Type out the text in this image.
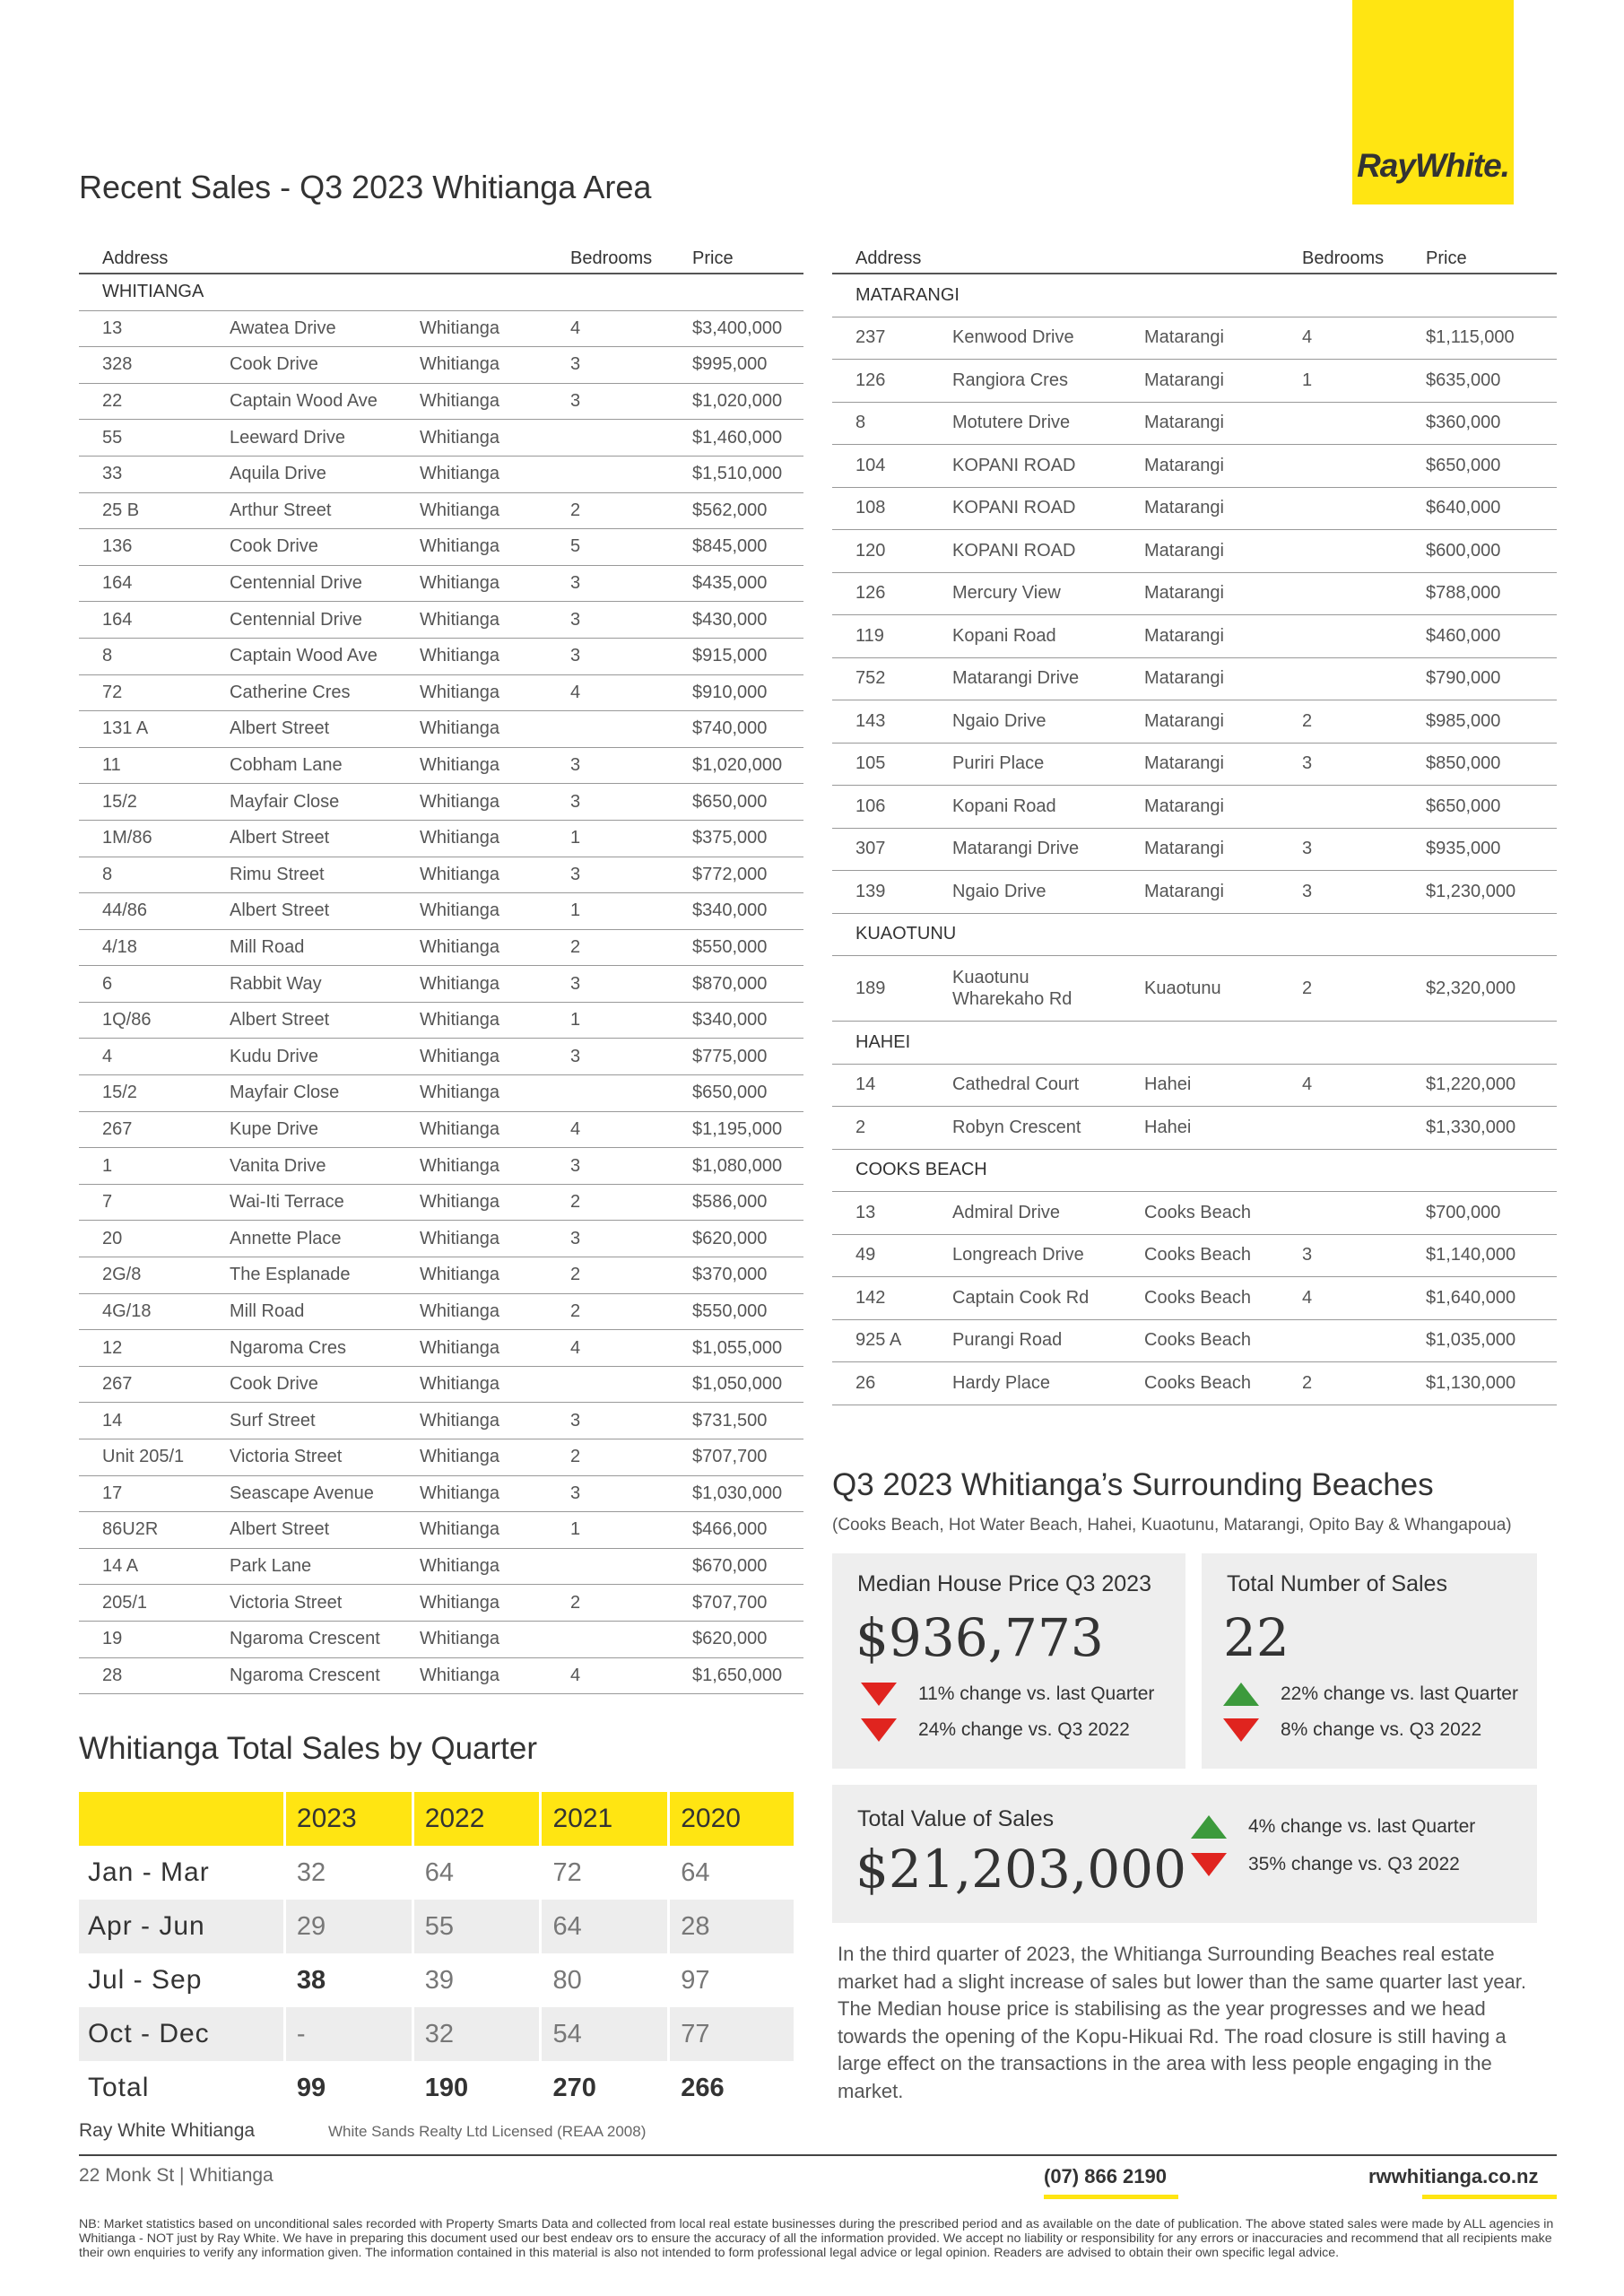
RayWhite.
Recent Sales - Q3 2023 Whitianga Area
Address			Bedrooms	Price
WHITIANGA				
13	Awatea Drive	Whitianga	4	$3,400,000
328	Cook Drive	Whitianga	3	$995,000
22	Captain Wood Ave	Whitianga	3	$1,020,000
55	Leeward Drive	Whitianga		$1,460,000
33	Aquila Drive	Whitianga		$1,510,000
25 B	Arthur Street	Whitianga	2	$562,000
136	Cook Drive	Whitianga	5	$845,000
164	Centennial Drive	Whitianga	3	$435,000
164	Centennial Drive	Whitianga	3	$430,000
8	Captain Wood Ave	Whitianga	3	$915,000
72	Catherine Cres	Whitianga	4	$910,000
131 A	Albert Street	Whitianga		$740,000
11	Cobham Lane	Whitianga	3	$1,020,000
15/2	Mayfair Close	Whitianga	3	$650,000
1M/86	Albert Street	Whitianga	1	$375,000
8	Rimu Street	Whitianga	3	$772,000
44/86	Albert Street	Whitianga	1	$340,000
4/18	Mill Road	Whitianga	2	$550,000
6	Rabbit Way	Whitianga	3	$870,000
1Q/86	Albert Street	Whitianga	1	$340,000
4	Kudu Drive	Whitianga	3	$775,000
15/2	Mayfair Close	Whitianga		$650,000
267	Kupe Drive	Whitianga	4	$1,195,000
1	Vanita Drive	Whitianga	3	$1,080,000
7	Wai-Iti Terrace	Whitianga	2	$586,000
20	Annette Place	Whitianga	3	$620,000
2G/8	The Esplanade	Whitianga	2	$370,000
4G/18	Mill Road	Whitianga	2	$550,000
12	Ngaroma Cres	Whitianga	4	$1,055,000
267	Cook Drive	Whitianga		$1,050,000
14	Surf Street	Whitianga	3	$731,500
Unit 205/1	Victoria Street	Whitianga	2	$707,700
17	Seascape Avenue	Whitianga	3	$1,030,000
86U2R	Albert Street	Whitianga	1	$466,000
14 A	Park Lane	Whitianga		$670,000
205/1	Victoria Street	Whitianga	2	$707,700
19	Ngaroma Crescent	Whitianga		$620,000
28	Ngaroma Crescent	Whitianga	4	$1,650,000
Address			Bedrooms	Price
MATARANGI				
237	Kenwood Drive	Matarangi	4	$1,115,000
126	Rangiora Cres	Matarangi	1	$635,000
8	Motutere Drive	Matarangi		$360,000
104	KOPANI ROAD	Matarangi		$650,000
108	KOPANI ROAD	Matarangi		$640,000
120	KOPANI ROAD	Matarangi		$600,000
126	Mercury View	Matarangi		$788,000
119	Kopani Road	Matarangi		$460,000
752	Matarangi Drive	Matarangi		$790,000
143	Ngaio Drive	Matarangi	2	$985,000
105	Puriri Place	Matarangi	3	$850,000
106	Kopani Road	Matarangi		$650,000
307	Matarangi Drive	Matarangi	3	$935,000
139	Ngaio Drive	Matarangi	3	$1,230,000
KUAOTUNU				
189	Kuaotunu Wharekaho Rd	Kuaotunu	2	$2,320,000
HAHEI				
14	Cathedral Court	Hahei	4	$1,220,000
2	Robyn Crescent	Hahei		$1,330,000
COOKS BEACH				
13	Admiral Drive	Cooks Beach		$700,000
49	Longreach Drive	Cooks Beach	3	$1,140,000
142	Captain Cook Rd	Cooks Beach	4	$1,640,000
925 A	Purangi Road	Cooks Beach		$1,035,000
26	Hardy Place	Cooks Beach	2	$1,130,000
Whitianga Total Sales by Quarter
	2023	2022	2021	2020
Jan - Mar	32	64	72	64
Apr - Jun	29	55	64	28
Jul - Sep	38	39	80	97
Oct - Dec	-	32	54	77
Total	99	190	270	266
Q3 2023 Whitianga’s Surrounding Beaches
(Cooks Beach, Hot Water Beach, Hahei, Kuaotunu, Matarangi, Opito Bay & Whangapoua)
Median House Price Q3 2023
$936,773
11% change vs. last Quarter
24% change vs. Q3 2022
Total Number of Sales
22
22% change vs. last Quarter
8% change vs. Q3 2022
Total Value of Sales
$21,203,000
4% change vs. last Quarter
35% change vs. Q3 2022
In the third quarter of 2023, the Whitianga Surrounding Beaches real estate market had a slight increase of sales but lower than the same quarter last year. The Median house price is stabilising as the year progresses and we head towards the opening of the Kopu-Hikuai Rd. The road closure is still having a large effect on the transactions in the area with less people engaging in the market.
Ray White Whitianga	White Sands Realty Ltd Licensed (REAA 2008)
22 Monk St | Whitianga	(07) 866 2190	rwwhitianga.co.nz
NB: Market statistics based on unconditional sales recorded with Property Smarts Data and collected from local real estate businesses during the prescribed period and as available on the date of publication. The above stated sales were made by ALL agencies in Whitianga - NOT just by Ray White. We have in preparing this document used our best endeav ors to ensure the accuracy of all the information provided. We accept no liability or responsibility for any errors or inaccuracies and recommend that all recipients make their own enquiries to verify any information given. The information contained in this material is also not intended to form professional legal advice or legal opinion. Readers are advised to obtain their own specific legal advice.
